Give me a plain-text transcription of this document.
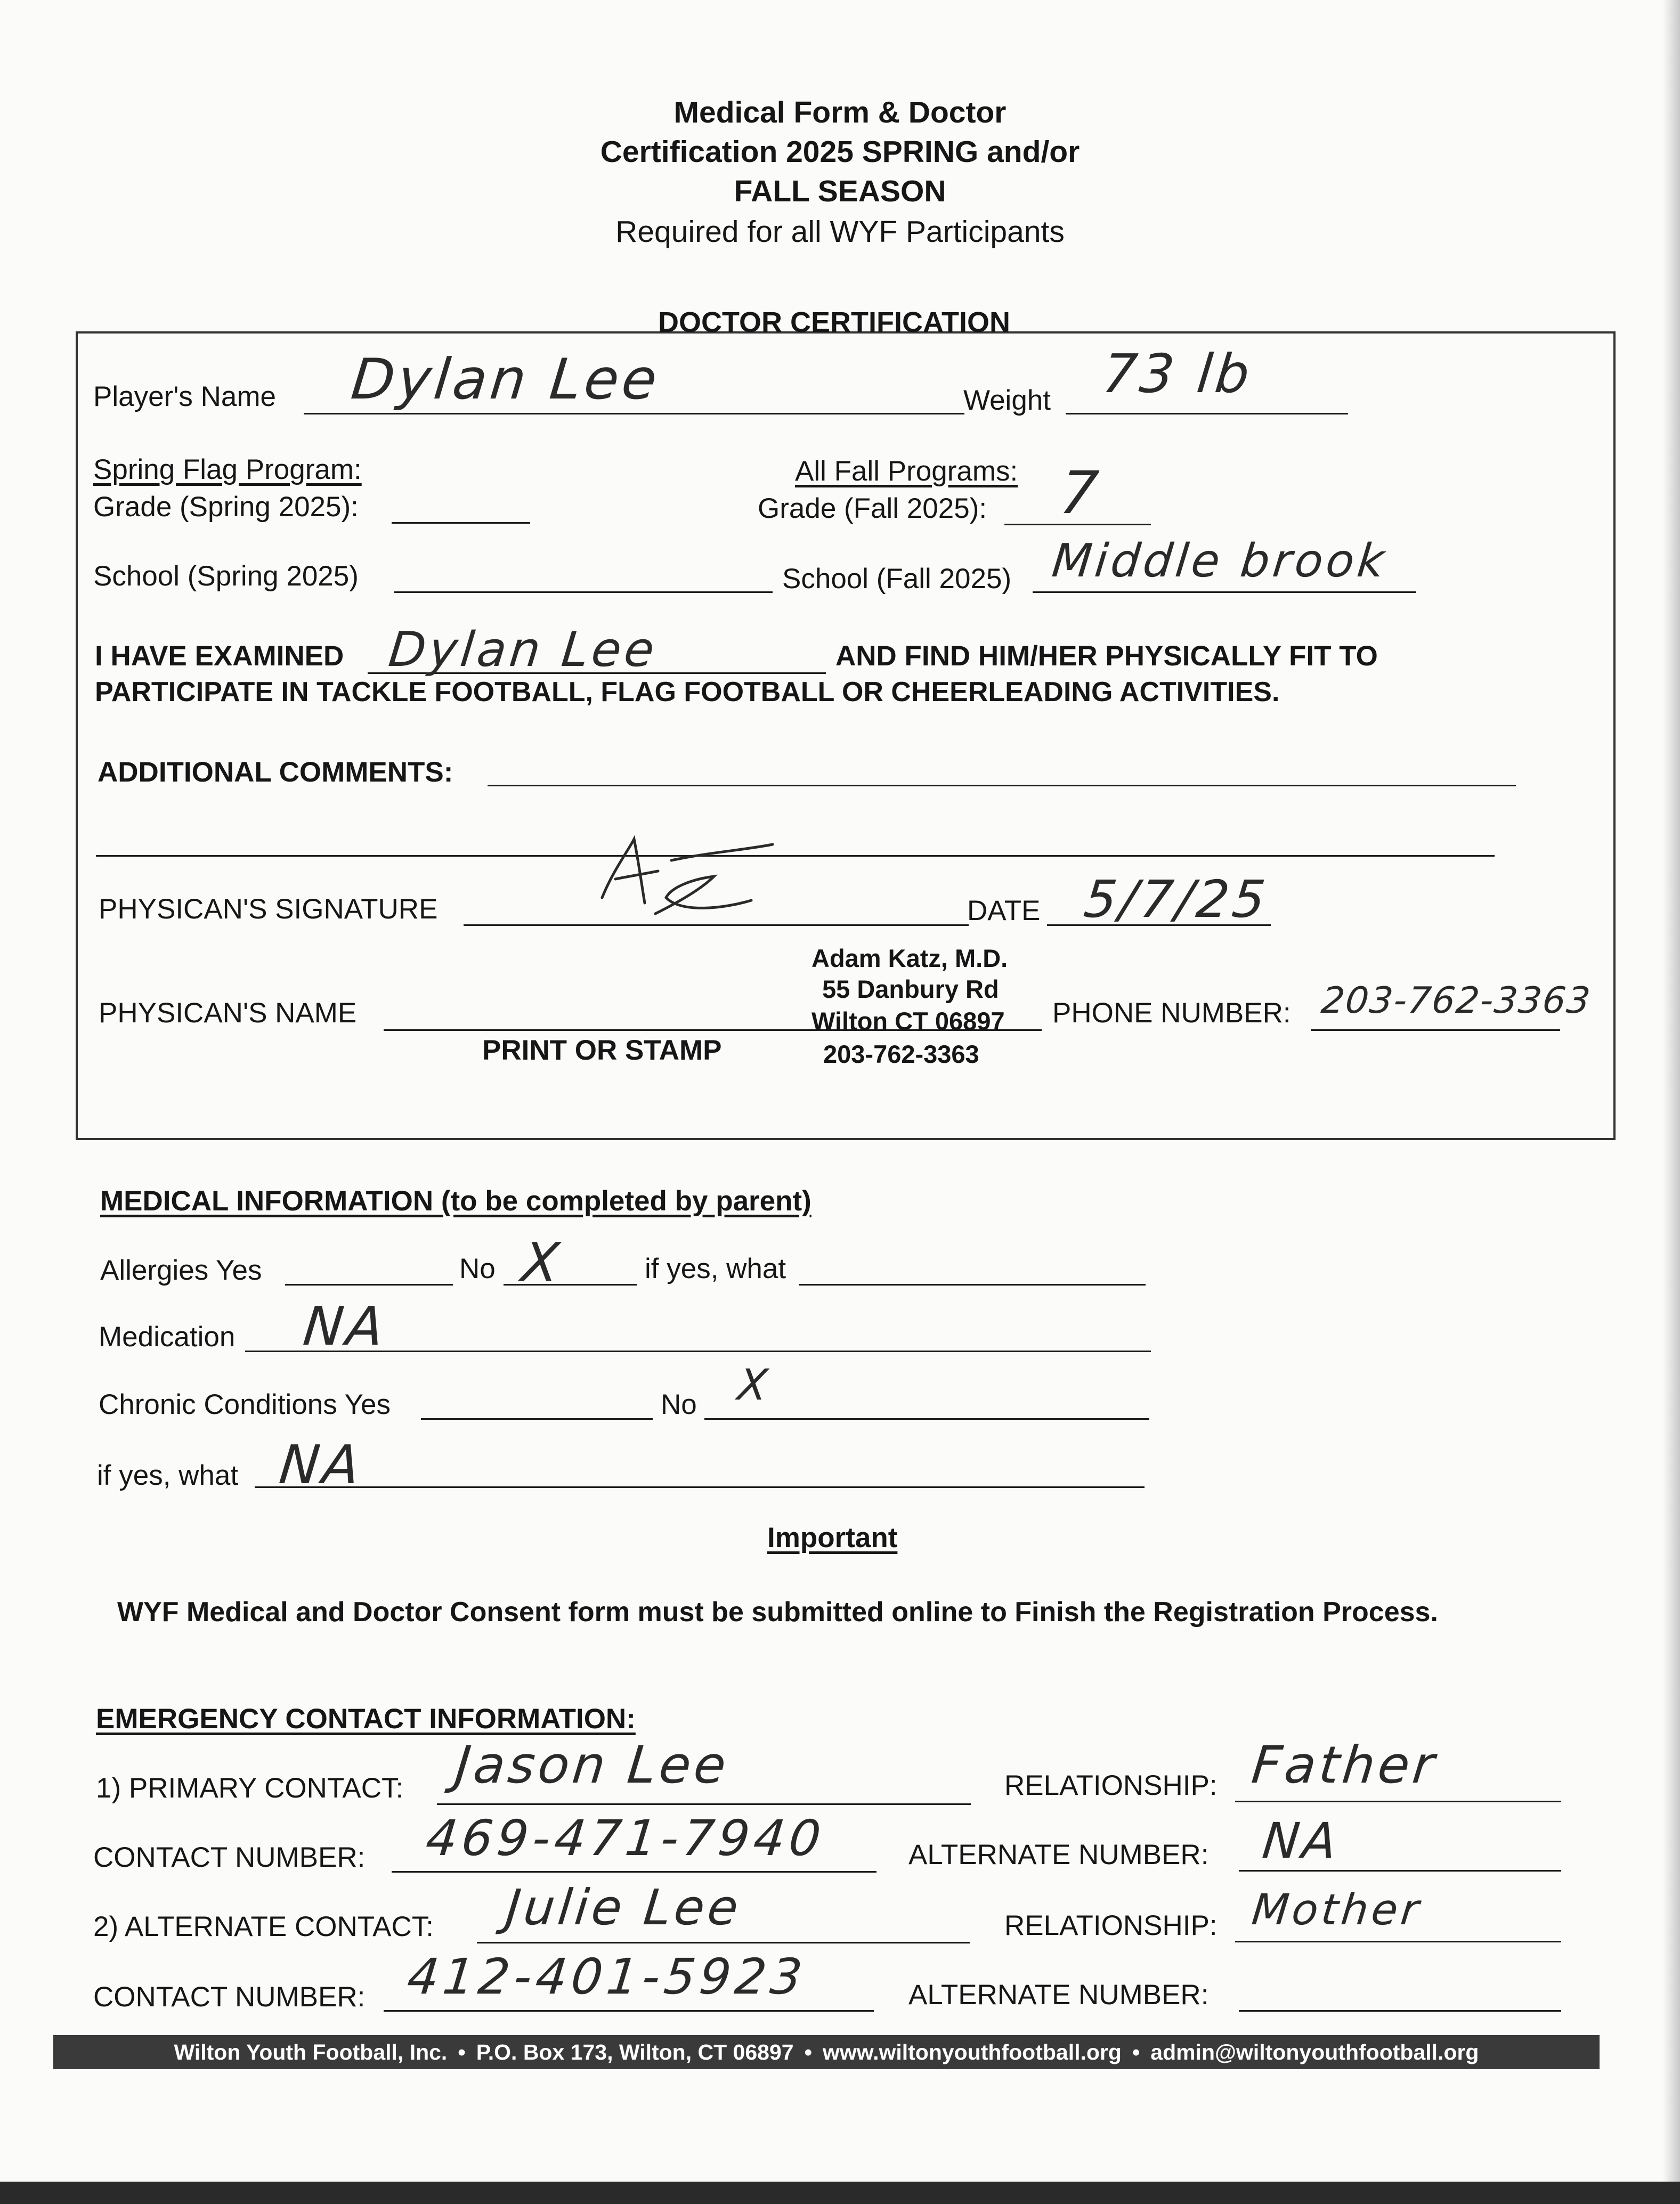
Medical Form & Doctor
Certification 2025 SPRING and/or
FALL SEASON
Required for all WYF Participants
DOCTOR CERTIFICATION
Player's Name Dylan Lee	Weight 73 lb
Spring Flag Program:
Grade (Spring 2025):
All Fall Programs:
Grade (Fall 2025): 7
School (Spring 2025)	School (Fall 2025) Middle brook
I HAVE EXAMINED Dylan Lee	AND FIND HIM/HER PHYSICALLY FIT TO
PARTICIPATE IN TACKLE FOOTBALL, FLAG FOOTBALL OR CHEERLEADING ACTIVITIES.
ADDITIONAL COMMENTS:
PHYSICAN'S SIGNATURE	DATE 5/7/25
PHYSICAN'S NAME
PRINT OR STAMP
Adam Katz, M.D.
55 Danbury Rd
Wilton CT 06897
203-762-3363
PHONE NUMBER: 203-762-3363
MEDICAL INFORMATION (to be completed by parent)
Allergies Yes	No X	if yes, what
Medication NA
Chronic Conditions Yes	No X
if yes, what NA
Important
WYF Medical and Doctor Consent form must be submitted online to Finish the Registration Process.
EMERGENCY CONTACT INFORMATION:
1) PRIMARY CONTACT: Jason Lee	RELATIONSHIP: Father
CONTACT NUMBER: 469-471-7940	ALTERNATE NUMBER: NA
2) ALTERNATE CONTACT: Julie Lee	RELATIONSHIP: Mother
CONTACT NUMBER: 412-401-5923	ALTERNATE NUMBER:
Wilton Youth Football, Inc. • P.O. Box 173, Wilton, CT 06897 • www.wiltonyouthfootball.org • admin@wiltonyouthfootball.org
